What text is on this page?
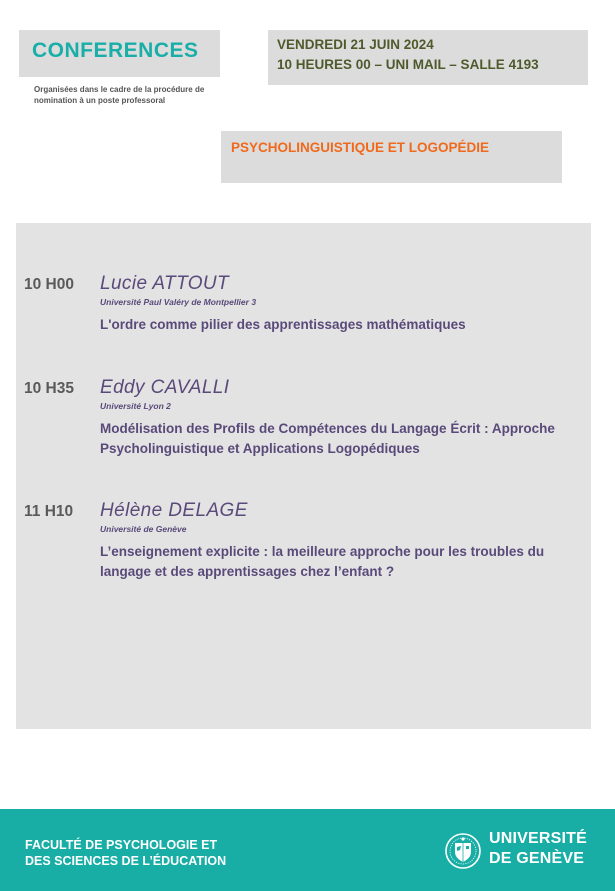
CONFERENCES
Organisées dans le cadre de la procédure de nomination à un poste professoral
VENDREDI 21 JUIN 2024
10 HEURES 00 – UNI MAIL – SALLE 4193
PSYCHOLINGUISTIQUE ET LOGOPÉDIE
10 H00 Lucie ATTOUT
Université Paul Valéry de Montpellier 3
L'ordre comme pilier des apprentissages mathématiques
10 H35 Eddy CAVALLI
Université Lyon 2
Modélisation des Profils de Compétences du Langage Écrit : Approche Psycholinguistique et Applications Logopédiques
11 H10 Hélène DELAGE
Université de Genève
L’enseignement explicite : la meilleure approche pour les troubles du langage et des apprentissages chez l’enfant ?
FACULTÉ DE PSYCHOLOGIE ET
DES SCIENCES DE L’ÉDUCATION
UNIVERSITÉ
DE GENÈVE
